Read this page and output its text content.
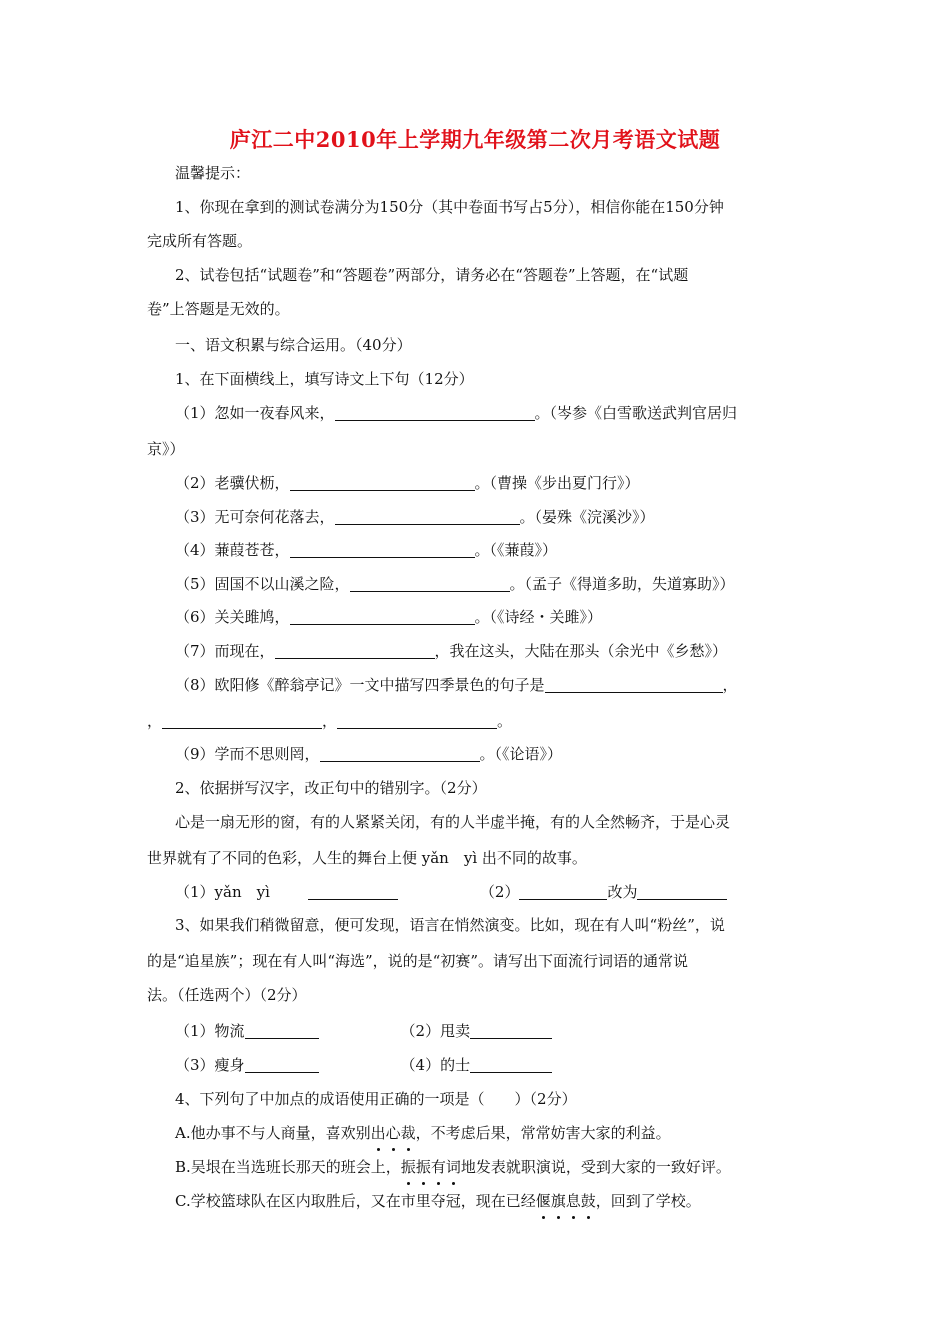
庐江二中2010年上学期九年级第二次月考语文试题
温馨提示：
1、你现在拿到的测试卷满分为150分（其中卷面书写占5分），相信你能在150分钟
完成所有答题。
2、试卷包括“试题卷”和“答题卷”两部分，请务必在“答题卷”上答题，在“试题
卷”上答题是无效的。
一、语文积累与综合运用。（40分）
1、在下面横线上，填写诗文上下句（12分）
（1）忽如一夜春风来，	。（岑参《白雪歌送武判官居归
京》）
（2）老骥伏枥，	。（曹操《步出夏门行》）
（3）无可奈何花落去，	。（晏殊《浣溪沙》）
（4）蒹葭苍苍，	。（《蒹葭》）
（5）固国不以山溪之险，	。（孟子《得道多助，失道寡助》）
（6）关关雎鸠，	。（《诗经・关雎》）
（7）而现在，	，我在这头，大陆在那头（余光中《乡愁》）
（8）欧阳修《醉翁亭记》一文中描写四季景色的句子是	，
，	，	。
（9）学而不思则罔，	。（《论语》）
2、依据拼写汉字，改正句中的错别字。（2分）
心是一扇无形的窗，有的人紧紧关闭，有的人半虚半掩，有的人全然畅齐，于是心灵
世界就有了不同的色彩，人生的舞台上便 yǎn　yì 出不同的故事。
（1）yǎn　yì	（2）	改为
3、如果我们稍微留意，便可发现，语言在悄然演变。比如，现在有人叫“粉丝”，说
的是“追星族”；现在有人叫“海选”，说的是“初赛”。请写出下面流行词语的通常说
法。（任选两个）（2分）
（1）物流	（2）甩卖
（3）瘦身	（4）的士
4、下列句了中加点的成语使用正确的一项是（　　）（2分）
A.他办事不与人商量，喜欢别出心裁，不考虑后果，常常妨害大家的利益。
B.吴垠在当选班长那天的班会上，振振有词地发表就职演说，受到大家的一致好评。
C.学校篮球队在区内取胜后，又在市里夺冠，现在已经偃旗息鼓，回到了学校。
